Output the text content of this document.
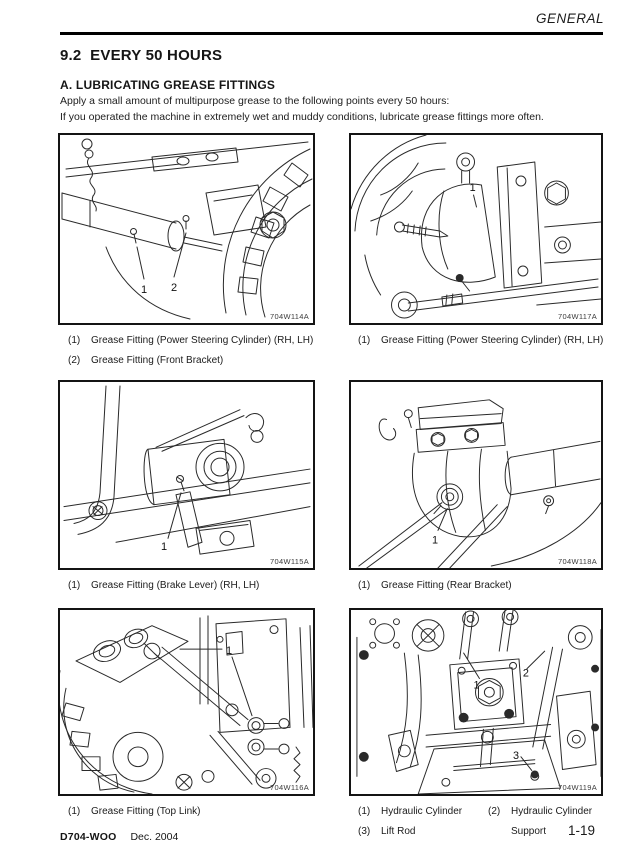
GENERAL
9.2  EVERY 50 HOURS
A. LUBRICATING GREASE FITTINGS
Apply a small amount of multipurpose grease to the following points every 50 hours:
If you operated the machine in extremely wet and muddy conditions, lubricate grease fittings more often.
1 2
704W114A
1
704W117A
(1)	Grease Fitting (Power Steering Cylinder) (RH, LH)
(2)	Grease Fitting (Front Bracket)
(1)	Grease Fitting (Power Steering Cylinder) (RH, LH)
1
704W115A
1
704W118A
(1)	Grease Fitting (Brake Lever) (RH, LH)	(1)	Grease Fitting (Rear Bracket)
1
704W116A
1
2
3
704W119A
(1)	Grease Fitting (Top Link)	(1)	Hydraulic Cylinder
(3)	Lift Rod
(2)	Hydraulic Cylinder
Support
D704-WOO Dec. 2004	1-19
